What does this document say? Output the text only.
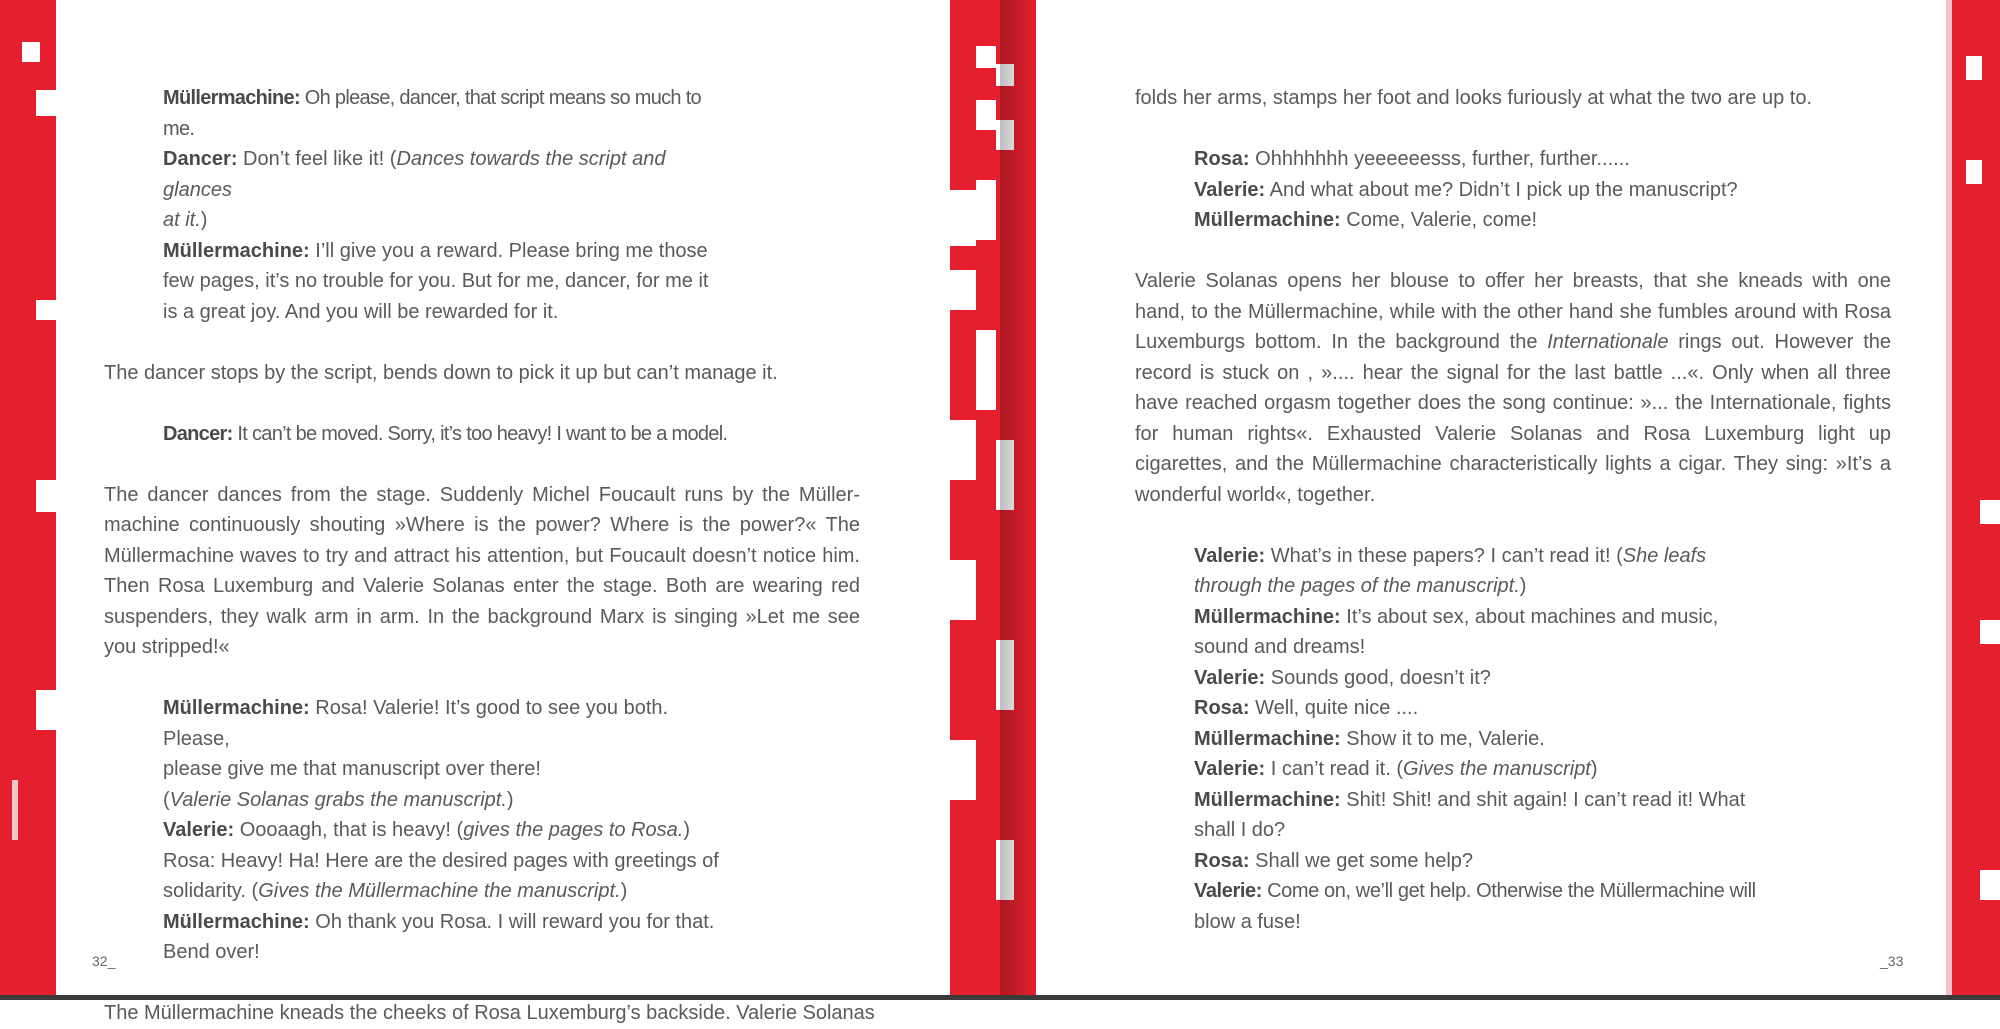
Müllermachine: Oh please, dancer, that script means so much to me.

Dancer: Don’t feel like it! (Dances towards the script and glances

at it.)

Müllermachine: I’ll give you a reward. Please bring me those

few pages, it’s no trouble for you. But for me, dancer, for me it

is a great joy. And you will be rewarded for it.

The dancer stops by the script, bends down to pick it up but can’t manage it.

Dancer: It can’t be moved. Sorry, it’s too heavy! I want to be a model.

The dancer dances from the stage. Suddenly Michel Foucault runs by the Müller-machine continuously shouting »Where is the power? Where is the power?« The Müllermachine waves to try and attract his attention, but Foucault doesn’t notice him. Then Rosa Luxemburg and Valerie Solanas enter the stage. Both are wearing red suspenders, they walk arm in arm. In the background Marx is singing »Let me see you stripped!«

Müllermachine: Rosa! Valerie! It’s good to see you both. Please,

please give me that manuscript over there!

(Valerie Solanas grabs the manuscript.)

Valerie: Oooaagh, that is heavy! (gives the pages to Rosa.)

Rosa: Heavy! Ha! Here are the desired pages with greetings of

solidarity. (Gives the Müllermachine the manuscript.)

Müllermachine: Oh thank you Rosa. I will reward you for that.

Bend over!

The Müllermachine kneads the cheeks of Rosa Luxemburg’s backside. Valerie Solanas

32_

folds her arms, stamps her foot and looks furiously at what the two are up to.

Rosa: Ohhhhhhh yeeeeeesss, further, further......

Valerie: And what about me? Didn’t I pick up the manuscript?

Müllermachine: Come, Valerie, come!

Valerie Solanas opens her blouse to offer her breasts, that she kneads with one hand, to the Müllermachine, while with the other hand she fumbles around with Rosa Luxemburgs bottom. In the background the Internationale rings out. However the record is stuck on , ».... hear the signal for the last battle ...«. Only when all three have reached orgasm together does the song continue: »... the Internationale, fights for human rights«. Exhausted Valerie Solanas and Rosa Luxemburg light up cigarettes, and the Müllermachine characteristically lights a cigar. They sing: »It’s a wonderful world«, together.

Valerie: What’s in these papers? I can’t read it! (She leafs

through the pages of the manuscript.)

Müllermachine: It’s about sex, about machines and music,

sound and dreams!

Valerie: Sounds good, doesn’t it?

Rosa: Well, quite nice ....

Müllermachine: Show it to me, Valerie.

Valerie: I can’t read it. (Gives the manuscript)

Müllermachine: Shit! Shit! and shit again! I can’t read it! What

shall I do?

Rosa: Shall we get some help?

Valerie: Come on, we’ll get help. Otherwise the Müllermachine will

blow a fuse!

_33
